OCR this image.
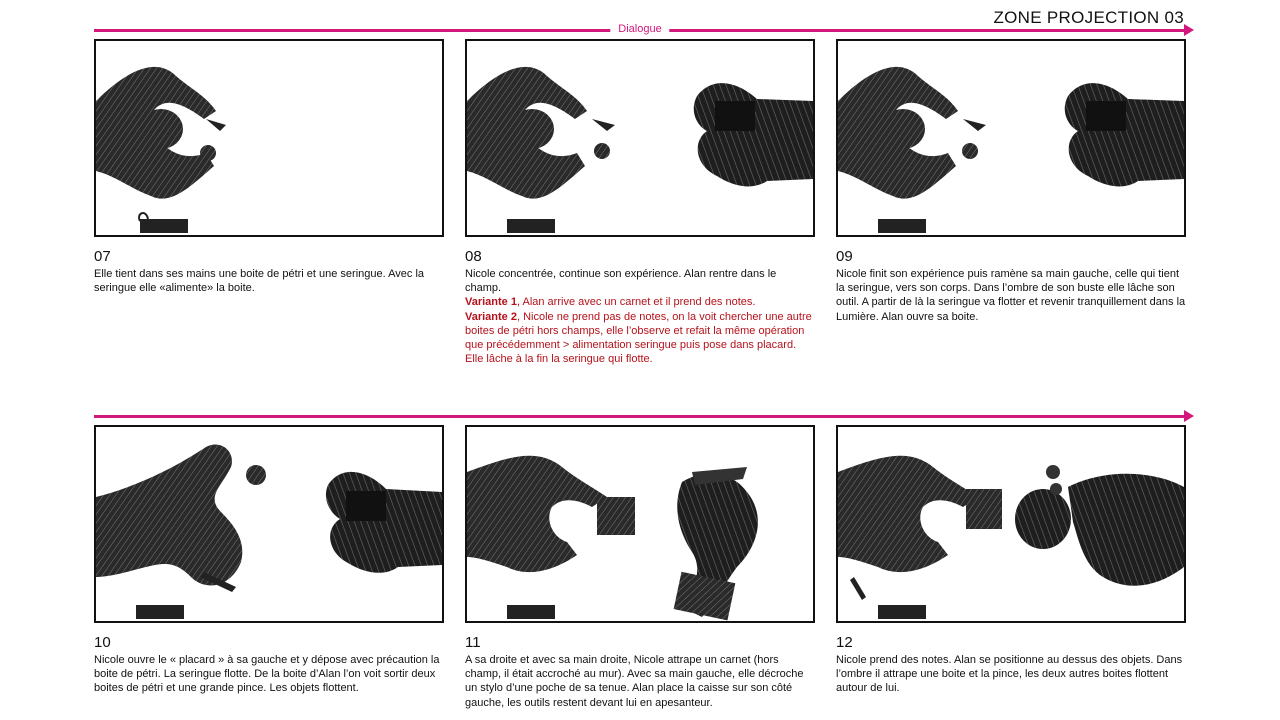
ZONE PROJECTION 03
Dialogue
07
Elle tient dans ses mains une boite de pétri et une seringue. Avec la seringue elle «alimente» la boite.
08
Nicole concentrée, continue son expérience. Alan rentre dans le champ.
Variante 1, Alan arrive avec un carnet et il prend des notes.
Variante 2, Nicole ne prend pas de notes, on la voit chercher une autre boites de pétri hors champs, elle l’observe et refait la même opération que précédemment > alimentation seringue puis pose dans placard. Elle lâche à la fin la seringue qui flotte.
09
Nicole finit son expérience puis ramène sa main gauche, celle qui tient la seringue, vers son corps. Dans l’ombre de son buste elle lâche son outil. A partir de là la seringue va flotter et revenir tranquillement dans la Lumière. Alan ouvre sa boite.
10
Nicole ouvre le « placard » à sa gauche et y dépose avec précaution la boite de pétri. La seringue flotte. De la boite d’Alan l’on voit sortir deux boites de pétri et une grande pince. Les objets flottent.
11
A sa droite et avec sa main droite, Nicole attrape un carnet (hors champ, il était accroché au mur). Avec sa main gauche, elle décroche un stylo d’une poche de sa tenue. Alan place la caisse sur son côté gauche, les outils restent devant lui en apesanteur.
12
Nicole prend des notes. Alan se positionne au dessus des objets. Dans l’ombre il attrape une boite et la pince, les deux autres boites flottent autour de lui.
